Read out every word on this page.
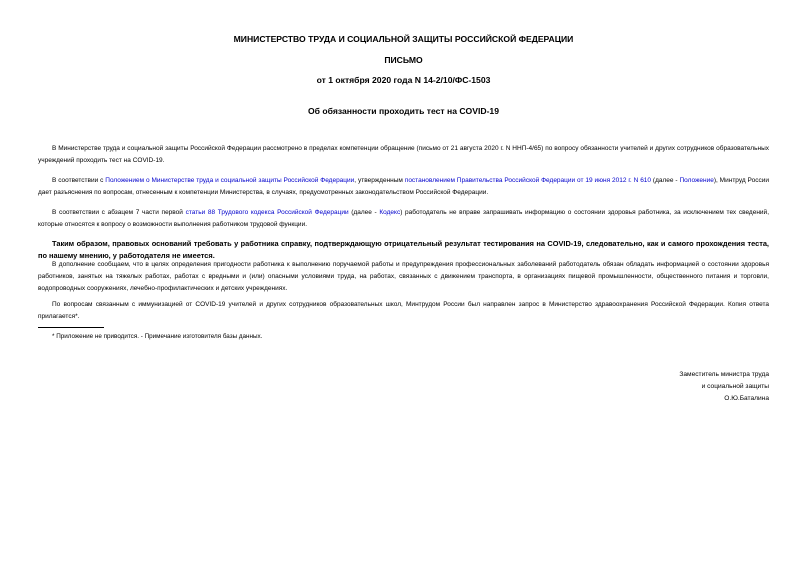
МИНИСТЕРСТВО ТРУДА И СОЦИАЛЬНОЙ ЗАЩИТЫ РОССИЙСКОЙ ФЕДЕРАЦИИ

ПИСЬМО

от 1 октября 2020 года N 14-2/10/ФС-1503

Об обязанности проходить тест на COVID-19

В Министерстве труда и социальной защиты Российской Федерации рассмотрено в пределах компетенции обращение (письмо от 21 августа 2020 г. N ННП-4/65) по вопросу обязанности учителей и других сотрудников образовательных учреждений проходить тест на COVID-19.

В соответствии с Положением о Министерстве труда и социальной защиты Российской Федерации, утвержденным постановлением Правительства Российской Федерации от 19 июня 2012 г. N 610 (далее - Положение), Минтруд России дает разъяснения по вопросам, отнесенным к компетенции Министерства, в случаях, предусмотренных законодательством Российской Федерации.

В соответствии с абзацем 7 части первой статьи 88 Трудового кодекса Российской Федерации (далее - Кодекс) работодатель не вправе запрашивать информацию о состоянии здоровья работника, за исключением тех сведений, которые относятся к вопросу о возможности выполнения работником трудовой функции.

Таким образом, правовых оснований требовать у работника справку, подтверждающую отрицательный результат тестирования на COVID-19, следовательно, как и самого прохождения теста, по нашему мнению, у работодателя не имеется.

В дополнение сообщаем, что в целях определения пригодности работника к выполнению поручаемой работы и предупреждения профессиональных заболеваний работодатель обязан обладать информацией о состоянии здоровья работников, занятых на тяжелых работах, работах с вредными и (или) опасными условиями труда, на работах, связанных с движением транспорта, в организациях пищевой промышленности, общественного питания и торговли, водопроводных сооружениях, лечебно-профилактических и детских учреждениях.

По вопросам связанным с иммунизацией от COVID-19 учителей и других сотрудников образовательных школ, Минтрудом России был направлен запрос в Министерство здравоохранения Российской Федерации. Копия ответа прилагается*.

* Приложение не приводится. - Примечание изготовителя базы данных.

Заместитель министра труда
и социальной защиты
О.Ю.Баталина
